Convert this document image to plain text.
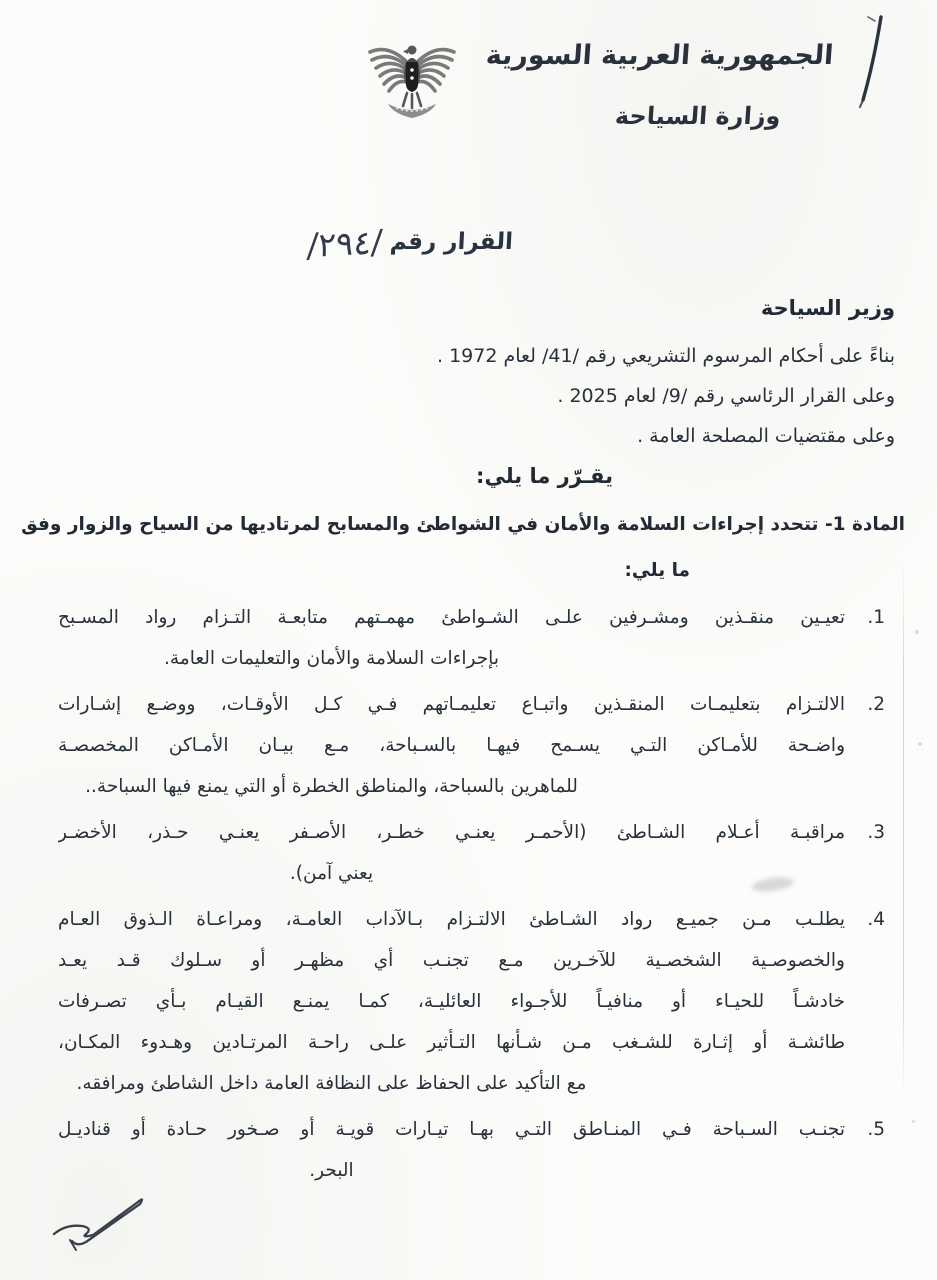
الجمهورية العربية السورية
وزارة السياحة
القرار رقم
/٢٩٤/
وزير السياحة
بناءً على أحكام المرسوم التشريعي رقم /41/ لعام 1972 .
وعلى القرار الرئاسي رقم /9/ لعام 2025 .
وعلى مقتضيات المصلحة العامة .
يقـرّر ما يلي:
المادة 1- تتحدد إجراءات السلامة والأمان في الشواطئ والمسابح لمرتاديها من السياح والزوار وفق
ما يلي:
1.
تعيـين منقـذين ومشـرفين علـى الشـواطئ مهمـتهم متابعـة التـزام رواد المسـبح
بإجراءات السلامة والأمان والتعليمات العامة.
2.
الالتـزام بتعليمـات المنقـذين واتبـاع تعليمـاتهم فـي كـل الأوقـات، ووضـع إشـارات
واضـحة للأمـاكن التـي يسـمح فيهـا بالسـباحة، مـع بيـان الأمـاكن المخصصـة
للماهرين بالسباحة، والمناطق الخطرة أو التي يمنع فيها السباحة..
3.
مراقبـة أعـلام الشـاطئ (الأحمـر يعنـي خطـر، الأصـفر يعنـي حـذر، الأخضـر
يعني آمن).
4.
يطلـب مـن جميـع رواد الشـاطئ الالتـزام بـالآداب العامـة، ومراعـاة الـذوق العـام
والخصوصـية الشخصـية للآخـرين مـع تجنـب أي مظهـر أو سـلوك قـد يعـد
خادشـاً للحيـاء أو منافيـاً للأجـواء العائليـة، كمـا يمنـع القيـام بـأي تصـرفات
طائشـة أو إثـارة للشـغب مـن شـأنها التـأثير علـى راحـة المرتـادين وهـدوء المكـان،
مع التأكيد على الحفاظ على النظافة العامة داخل الشاطئ ومرافقه.
5.
تجنـب السـباحة فـي المنـاطق التـي بهـا تيـارات قويـة أو صـخور حـادة أو قناديـل
البحر.
